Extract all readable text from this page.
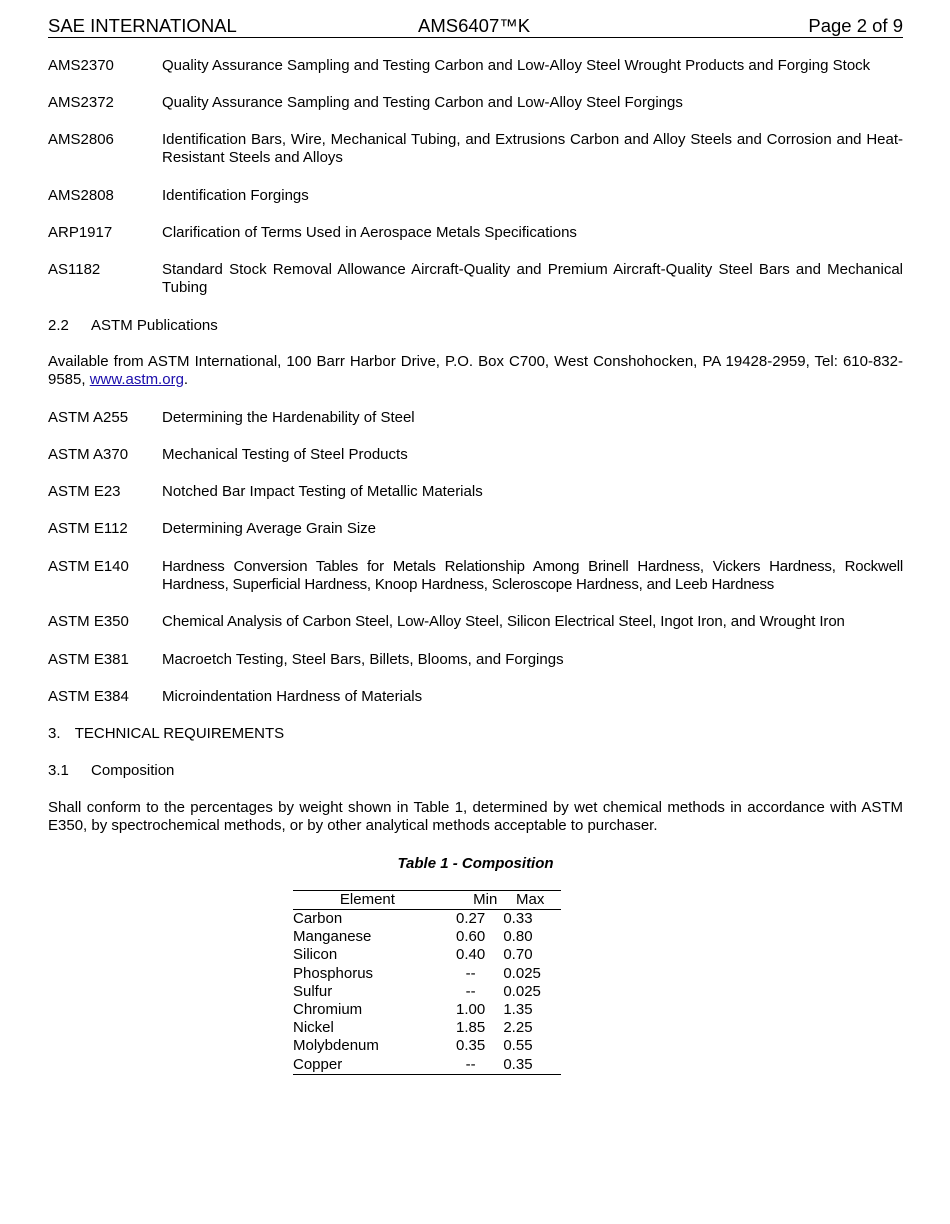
SAE INTERNATIONAL	AMS6407™K	Page 2 of 9
AMS2370	Quality Assurance Sampling and Testing Carbon and Low-Alloy Steel Wrought Products and Forging Stock
AMS2372	Quality Assurance Sampling and Testing Carbon and Low-Alloy Steel Forgings
AMS2806	Identification Bars, Wire, Mechanical Tubing, and Extrusions Carbon and Alloy Steels and Corrosion and Heat-Resistant Steels and Alloys
AMS2808	Identification Forgings
ARP1917	Clarification of Terms Used in Aerospace Metals Specifications
AS1182	Standard Stock Removal Allowance Aircraft-Quality and Premium Aircraft-Quality Steel Bars and Mechanical Tubing
2.2 ASTM Publications
Available from ASTM International, 100 Barr Harbor Drive, P.O. Box C700, West Conshohocken, PA 19428-2959, Tel: 610-832-9585, www.astm.org.
ASTM A255	Determining the Hardenability of Steel
ASTM A370	Mechanical Testing of Steel Products
ASTM E23	Notched Bar Impact Testing of Metallic Materials
ASTM E112	Determining Average Grain Size
ASTM E140	Hardness Conversion Tables for Metals Relationship Among Brinell Hardness, Vickers Hardness, Rockwell Hardness, Superficial Hardness, Knoop Hardness, Scleroscope Hardness, and Leeb Hardness
ASTM E350	Chemical Analysis of Carbon Steel, Low-Alloy Steel, Silicon Electrical Steel, Ingot Iron, and Wrought Iron
ASTM E381	Macroetch Testing, Steel Bars, Billets, Blooms, and Forgings
ASTM E384	Microindentation Hardness of Materials
3. TECHNICAL REQUIREMENTS
3.1 Composition
Shall conform to the percentages by weight shown in Table 1, determined by wet chemical methods in accordance with ASTM E350, by spectrochemical methods, or by other analytical methods acceptable to purchaser.
Table 1 - Composition
Element	Min	Max
Carbon	0.27	0.33
Manganese	0.60	0.80
Silicon	0.40	0.70
Phosphorus	--	0.025
Sulfur	--	0.025
Chromium	1.00	1.35
Nickel	1.85	2.25
Molybdenum	0.35	0.55
Copper	--	0.35
